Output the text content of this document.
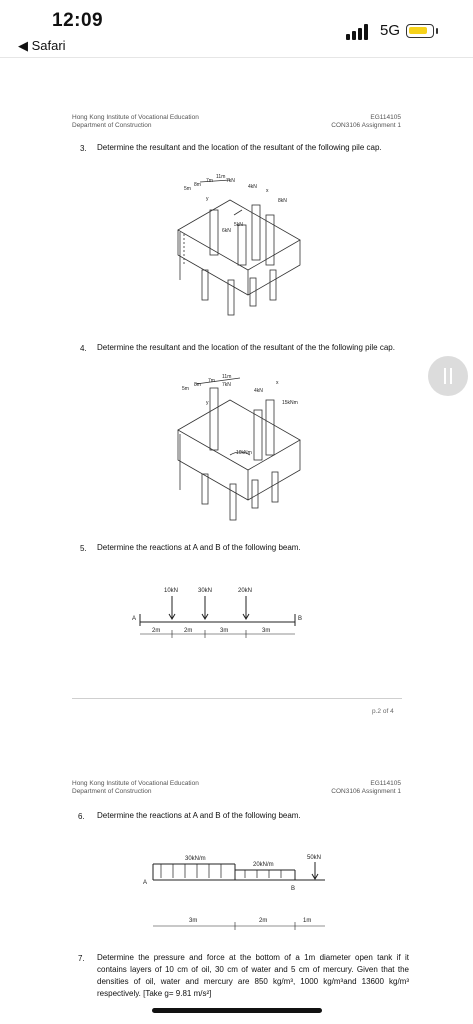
12:09
◀ Safari
5G
Hong Kong Institute of Vocational Education
Department of Construction
EG114105
CON3106 Assignment 1
3. Determine the resultant and the location of the resultant of the following pile cap.
7kN
4kN
8kN
5kN
6kN
x
y
5m
8m
7m
11m
4. Determine the resultant and the location of the resultant of the the following pile cap.
7kN
4kN
x
y
5m
8m
7m
11m
10kNm
15kNm
5. Determine the reactions at A and B of the following beam.
10kN	30kN	20kN
A	B
2m	2m	3m	3m
p.2 of 4
Hong Kong Institute of Vocational Education
Department of Construction
EG114105
CON3106 Assignment 1
6. Determine the reactions at A and B of the following beam.
30kN/m
20kN/m
50kN
A
B
3m	2m	1m
7. Determine the pressure and force at the bottom of a 1m diameter open tank if it contains layers of 10 cm of oil, 30 cm of water and 5 cm of mercury. Given that the densities of oil, water and mercury are 850 kg/m³, 1000 kg/m³and 13600 kg/m³ respectively. [Take g= 9.81 m/s²]
